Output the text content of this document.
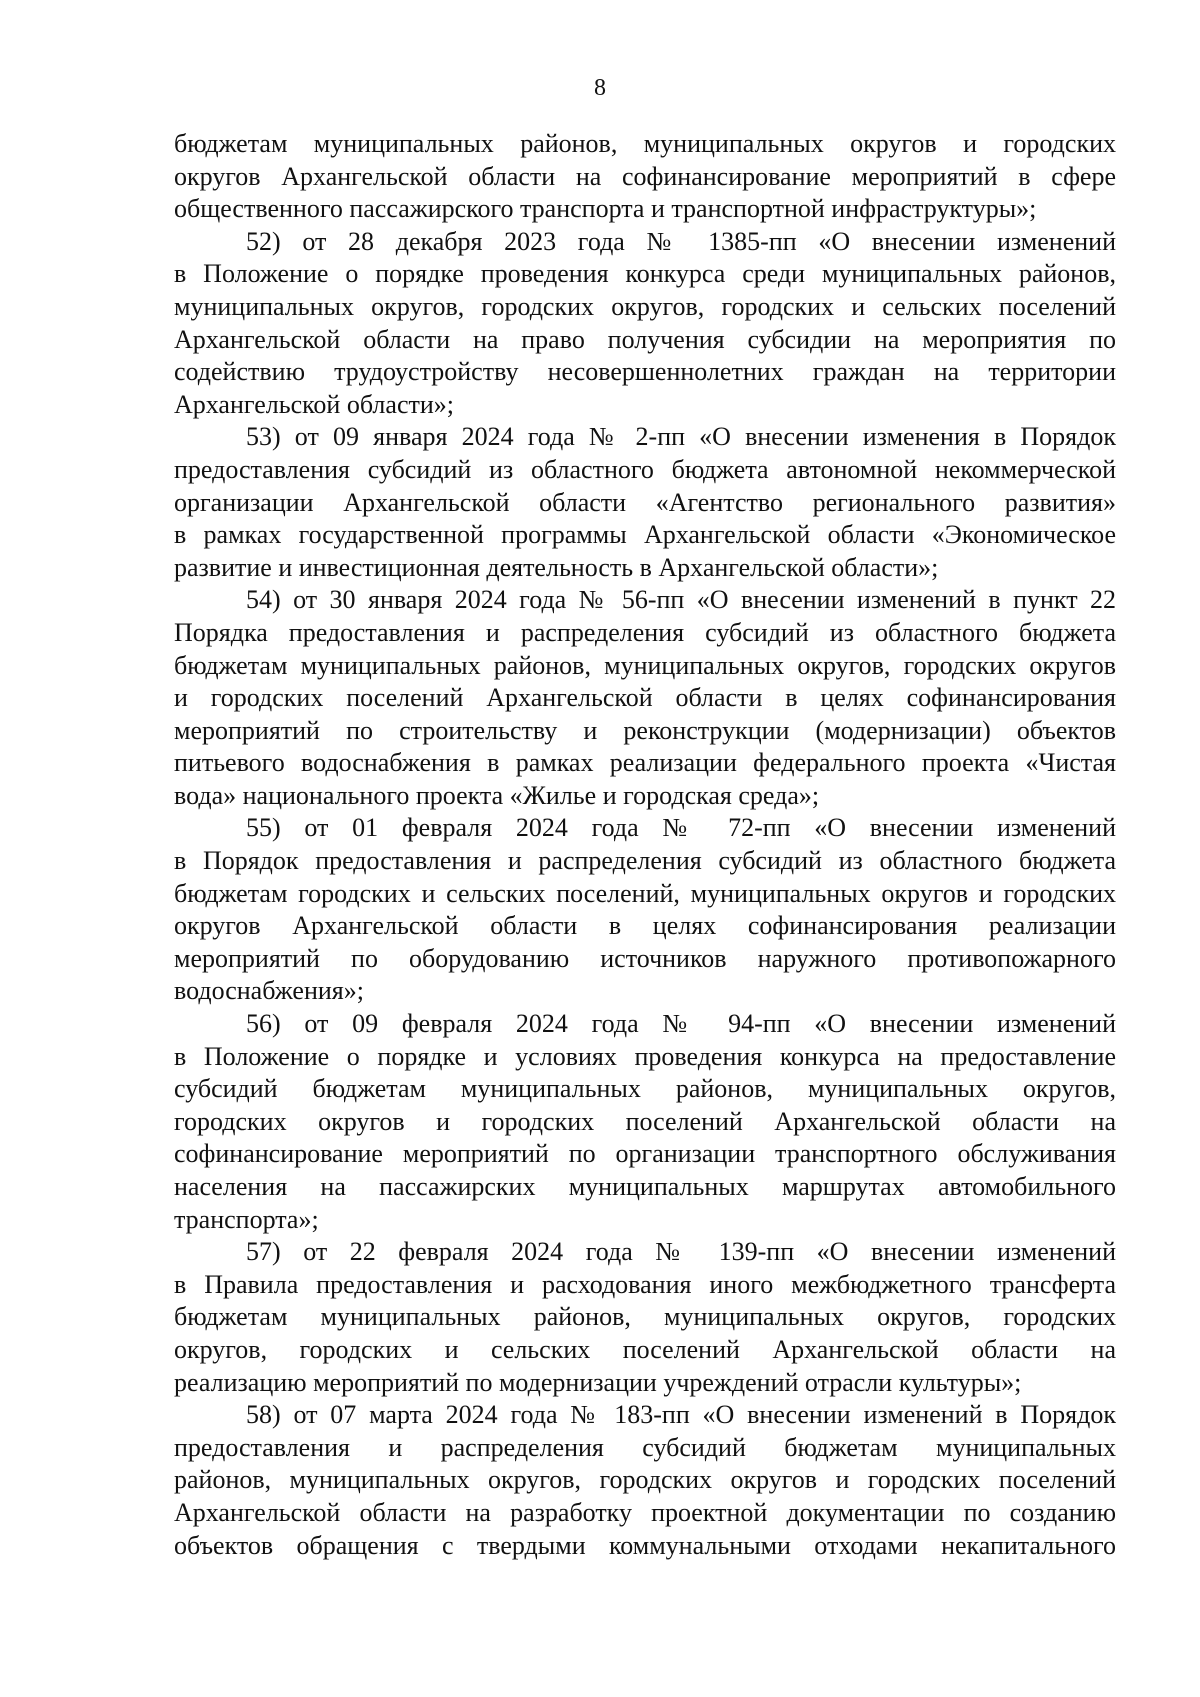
8
бюджетам муниципальных районов, муниципальных округов и городских
округов Архангельской области на софинансирование мероприятий в сфере
общественного пассажирского транспорта и транспортной инфраструктуры»;
52) от 28 декабря 2023 года № 1385-пп «О внесении изменений
в Положение о порядке проведения конкурса среди муниципальных районов,
муниципальных округов, городских округов, городских и сельских поселений
Архангельской области на право получения субсидии на мероприятия по
содействию трудоустройству несовершеннолетних граждан на территории
Архангельской области»;
53) от 09 января 2024 года № 2-пп «О внесении изменения в Порядок
предоставления субсидий из областного бюджета автономной некоммерческой
организации Архангельской области «Агентство регионального развития»
в рамках государственной программы Архангельской области «Экономическое
развитие и инвестиционная деятельность в Архангельской области»;
54) от 30 января 2024 года № 56-пп «О внесении изменений в пункт 22
Порядка предоставления и распределения субсидий из областного бюджета
бюджетам муниципальных районов, муниципальных округов, городских округов
и городских поселений Архангельской области в целях софинансирования
мероприятий по строительству и реконструкции (модернизации) объектов
питьевого водоснабжения в рамках реализации федерального проекта «Чистая
вода» национального проекта «Жилье и городская среда»;
55) от 01 февраля 2024 года № 72-пп «О внесении изменений
в Порядок предоставления и распределения субсидий из областного бюджета
бюджетам городских и сельских поселений, муниципальных округов и городских
округов Архангельской области в целях софинансирования реализации
мероприятий по оборудованию источников наружного противопожарного
водоснабжения»;
56) от 09 февраля 2024 года № 94-пп «О внесении изменений
в Положение о порядке и условиях проведения конкурса на предоставление
субсидий бюджетам муниципальных районов, муниципальных округов,
городских округов и городских поселений Архангельской области на
софинансирование мероприятий по организации транспортного обслуживания
населения на пассажирских муниципальных маршрутах автомобильного
транспорта»;
57) от 22 февраля 2024 года № 139-пп «О внесении изменений
в Правила предоставления и расходования иного межбюджетного трансферта
бюджетам муниципальных районов, муниципальных округов, городских
округов, городских и сельских поселений Архангельской области на
реализацию мероприятий по модернизации учреждений отрасли культуры»;
58) от 07 марта 2024 года № 183-пп «О внесении изменений в Порядок
предоставления и распределения субсидий бюджетам муниципальных
районов, муниципальных округов, городских округов и городских поселений
Архангельской области на разработку проектной документации по созданию
объектов обращения с твердыми коммунальными отходами некапитального
